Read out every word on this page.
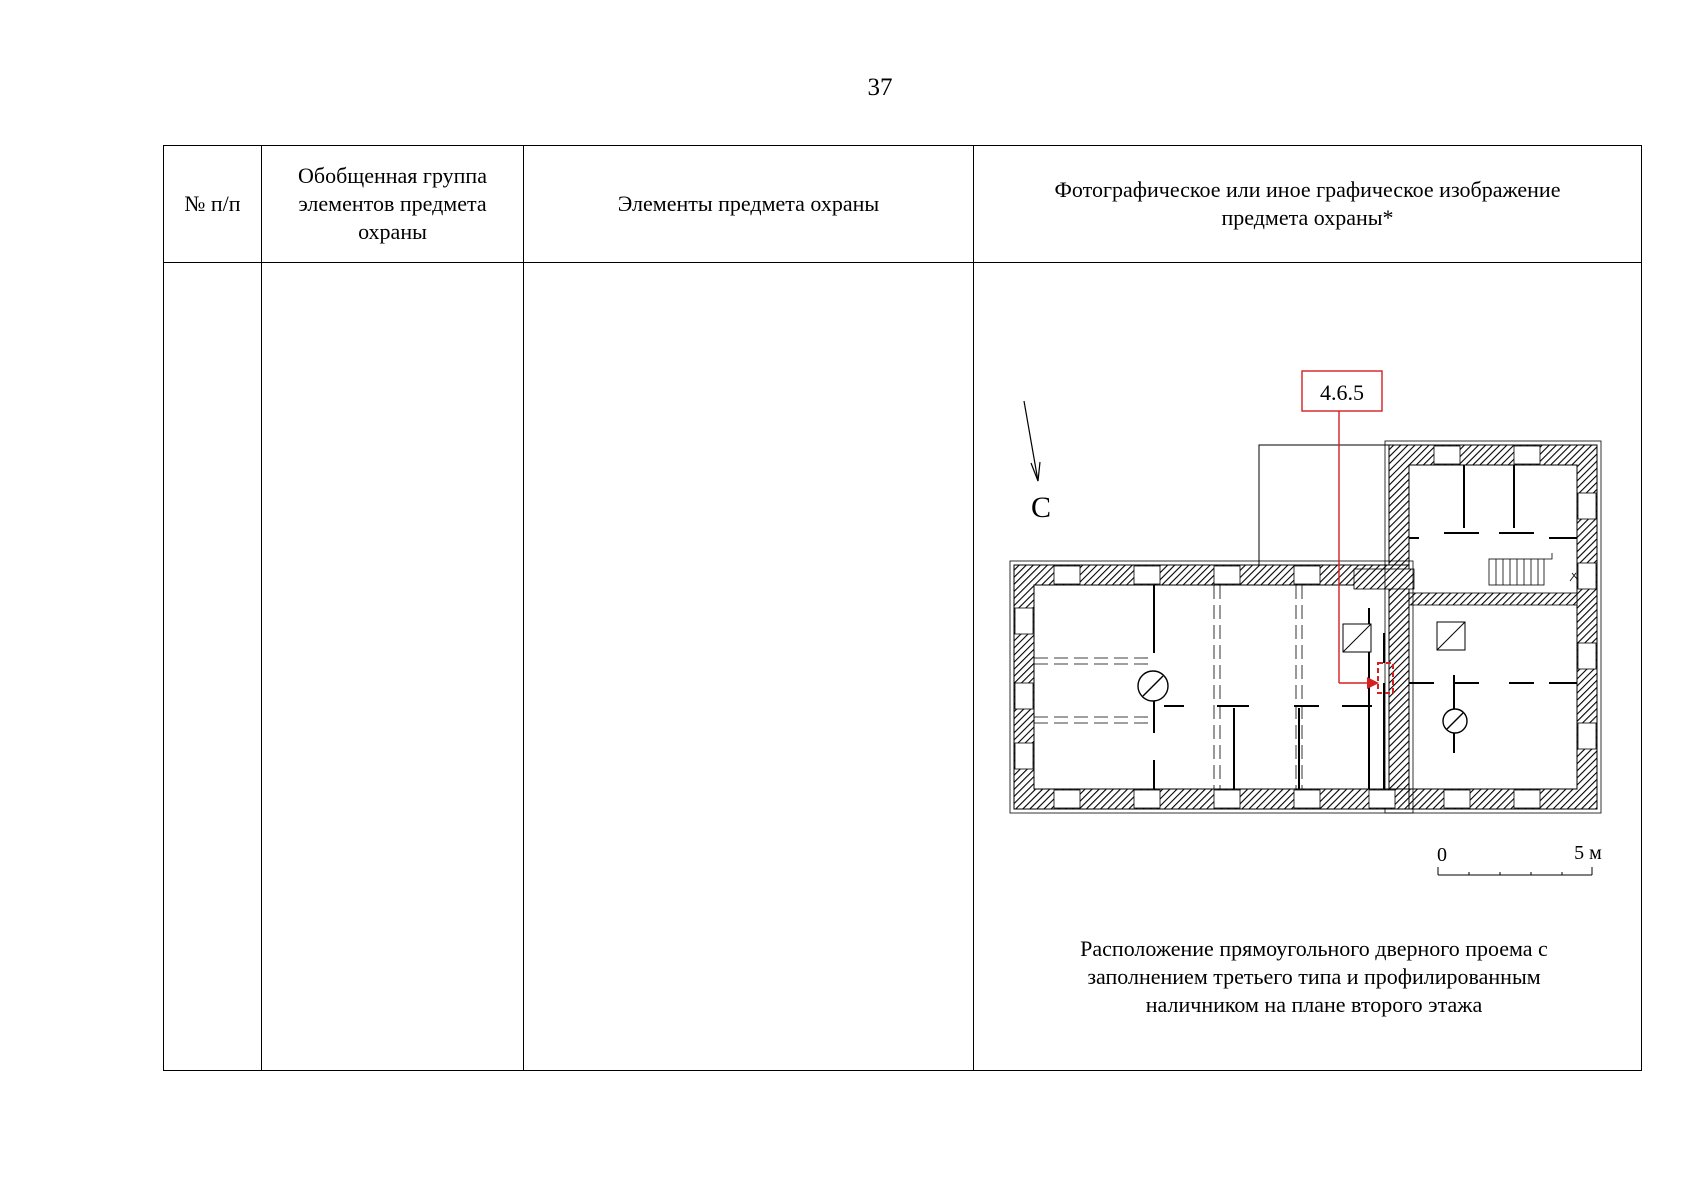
37
№ п/п	Обобщенная группа элементов предмета охраны	Элементы предмета охраны	Фотографическое или иное графическое изображение предмета охраны*

С
4.6.5
0 5 м
Расположение прямоугольного дверного проема с заполнением третьего типа и профилированным наличником на плане второго этажа
